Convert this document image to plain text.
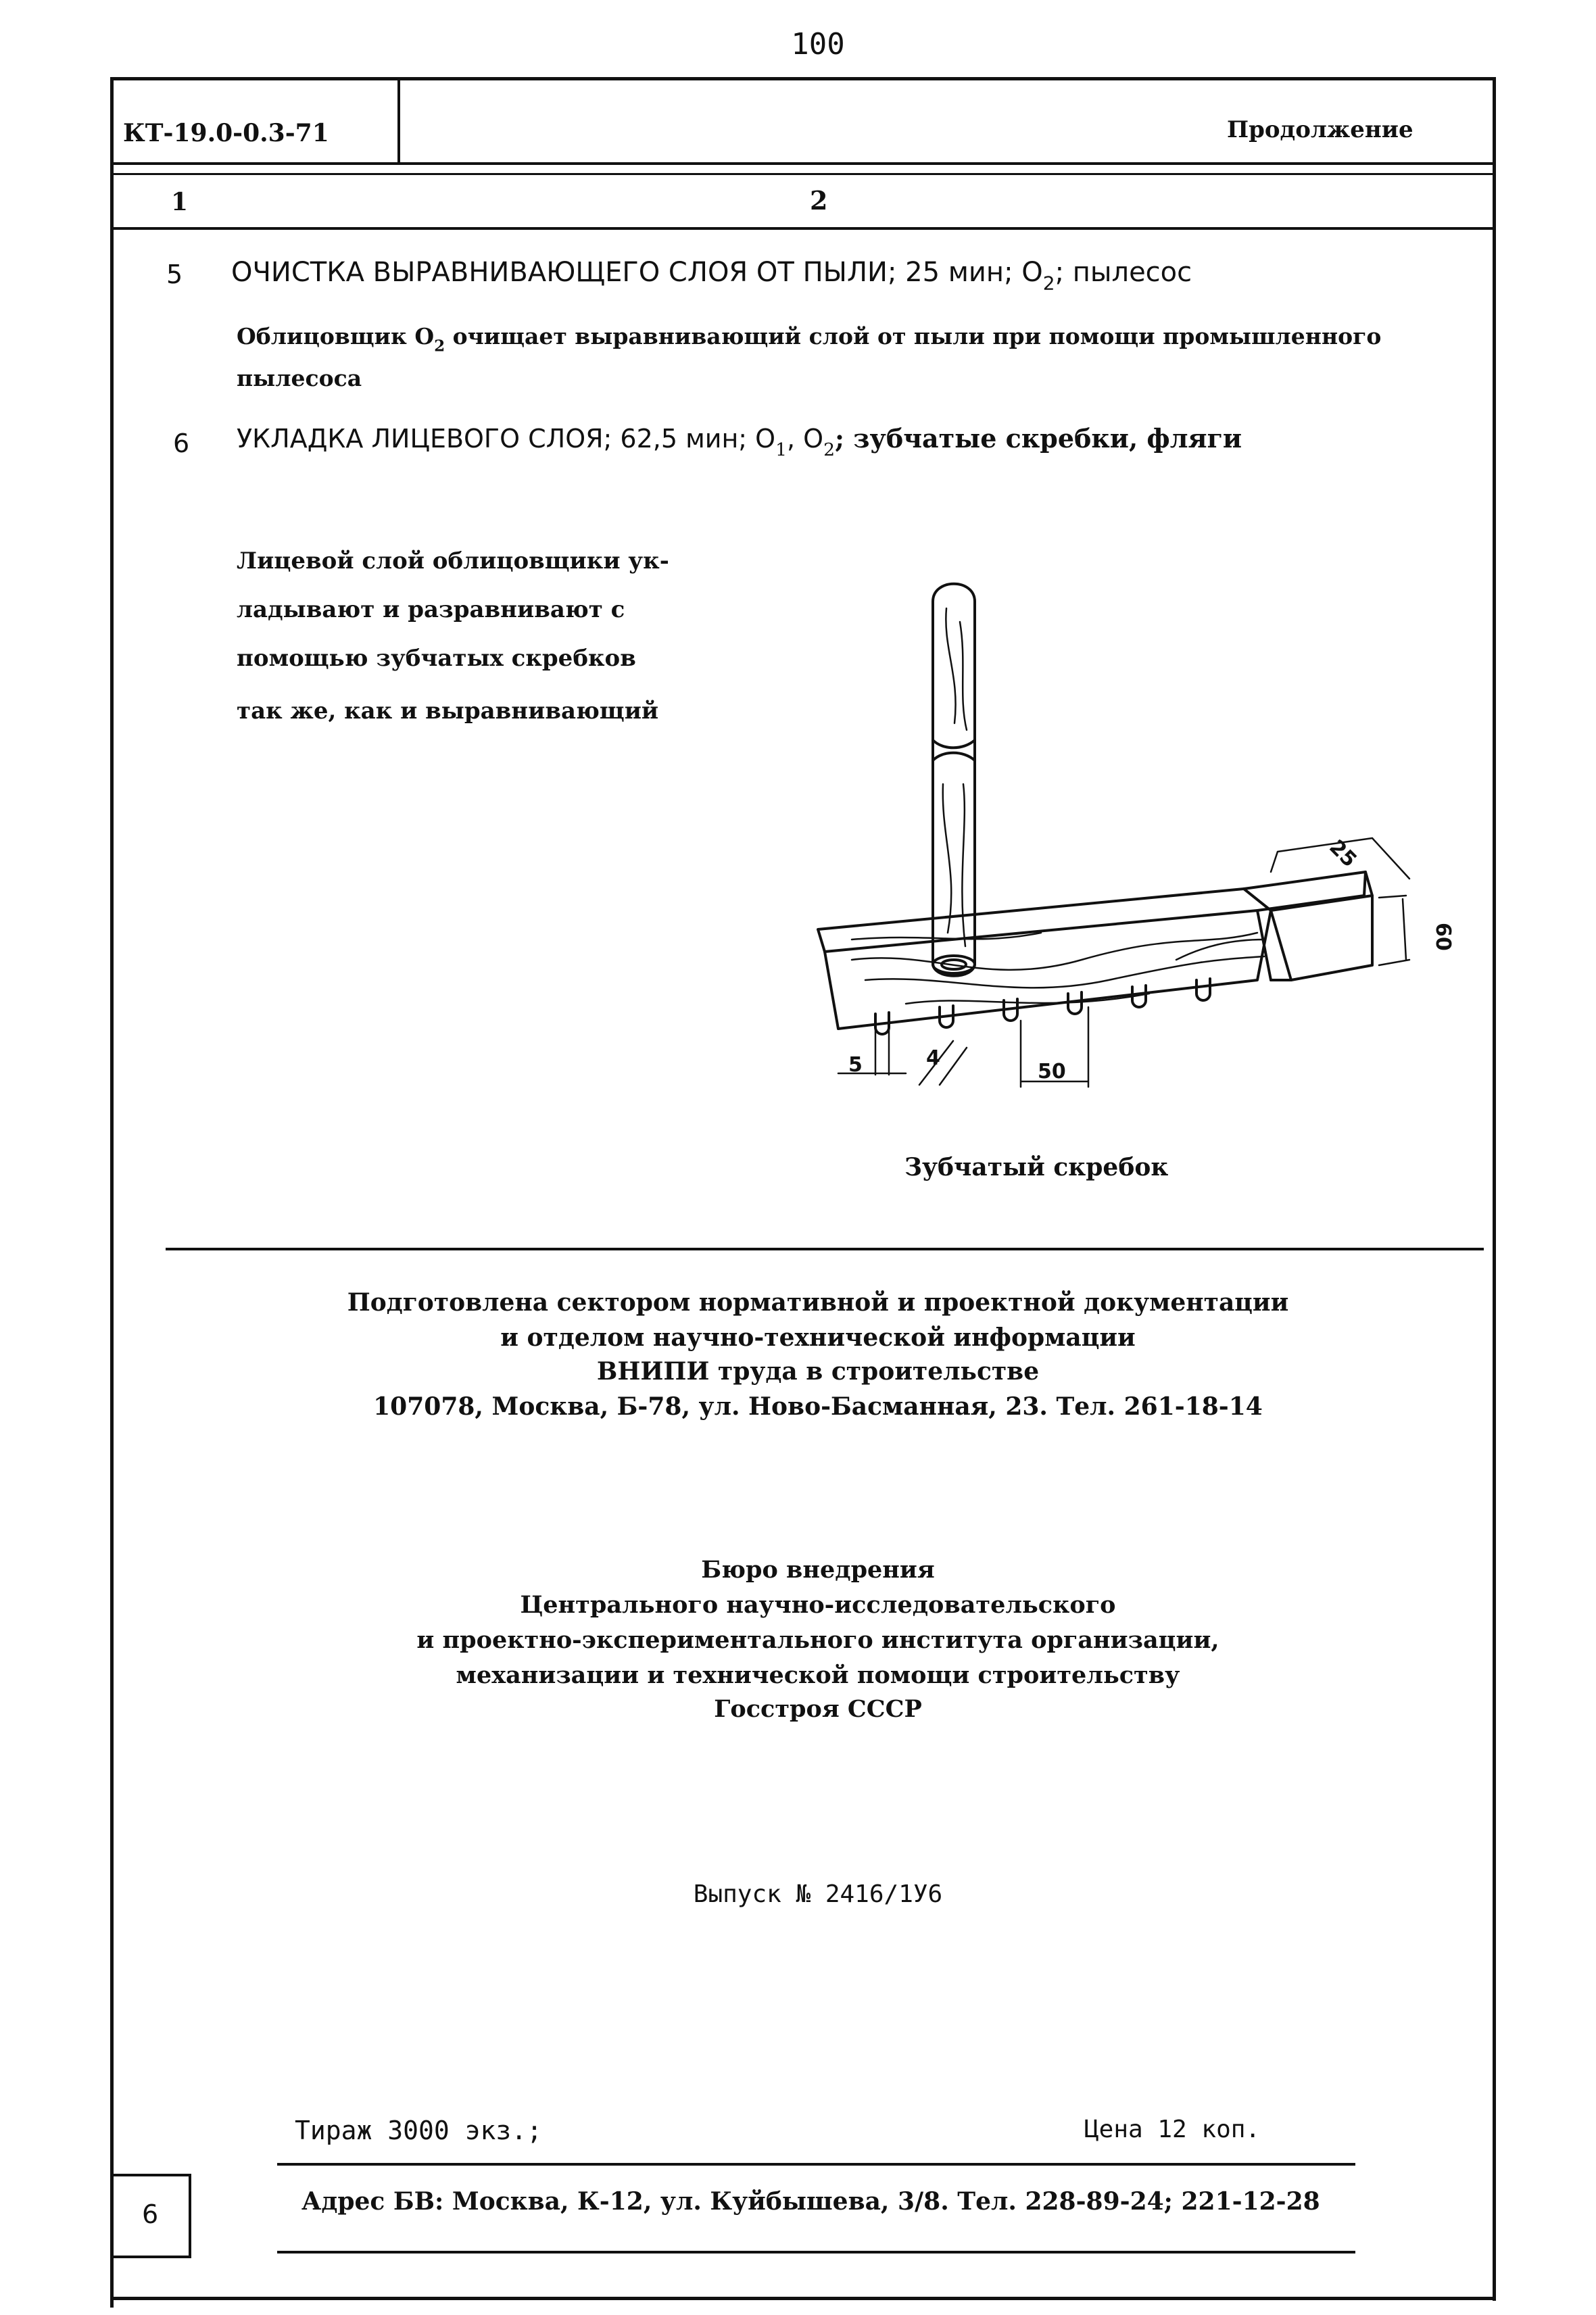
100
КТ-19.0-0.3-71	Продолжение
1	2
5 ОЧИСТКА ВЫРАВНИВАЮЩЕГО СЛОЯ ОТ ПЫЛИ; 25 мин; $О_2$; пылесос
Облицовщик $О_2$ очищает выравнивающий слой от пыли при помощи промышленного
пылесоса
6 УКЛАДКА ЛИЦЕВОГО СЛОЯ; 62,5 мин; $О_1$, $О_2$; зубчатые скребки, фляги
Лицевой слой облицовщики ук-
ладывают и разравнивают с
помощью зубчатых скребков
так же, как и выравнивающий
25
60
5	4
50
Зубчатый скребок
Подготовлена сектором нормативной и проектной документации
и отделом научно-технической информации
ВНИПИ труда в строительстве
107078, Москва, Б-78, ул. Ново-Басманная, 23. Тел. 261-18-14
Бюро внедрения
Центрального научно-исследовательского
и проектно-экспериментального института организации,
механизации и технической помощи строительству
Госстроя СССР
Выпуск № 2416/1У6
Тираж 3000 экз.;	Цена 12 коп.
Адрес БВ: Москва, К-12, ул. Куйбышева, 3/8. Тел. 228-89-24; 221-12-28
6
